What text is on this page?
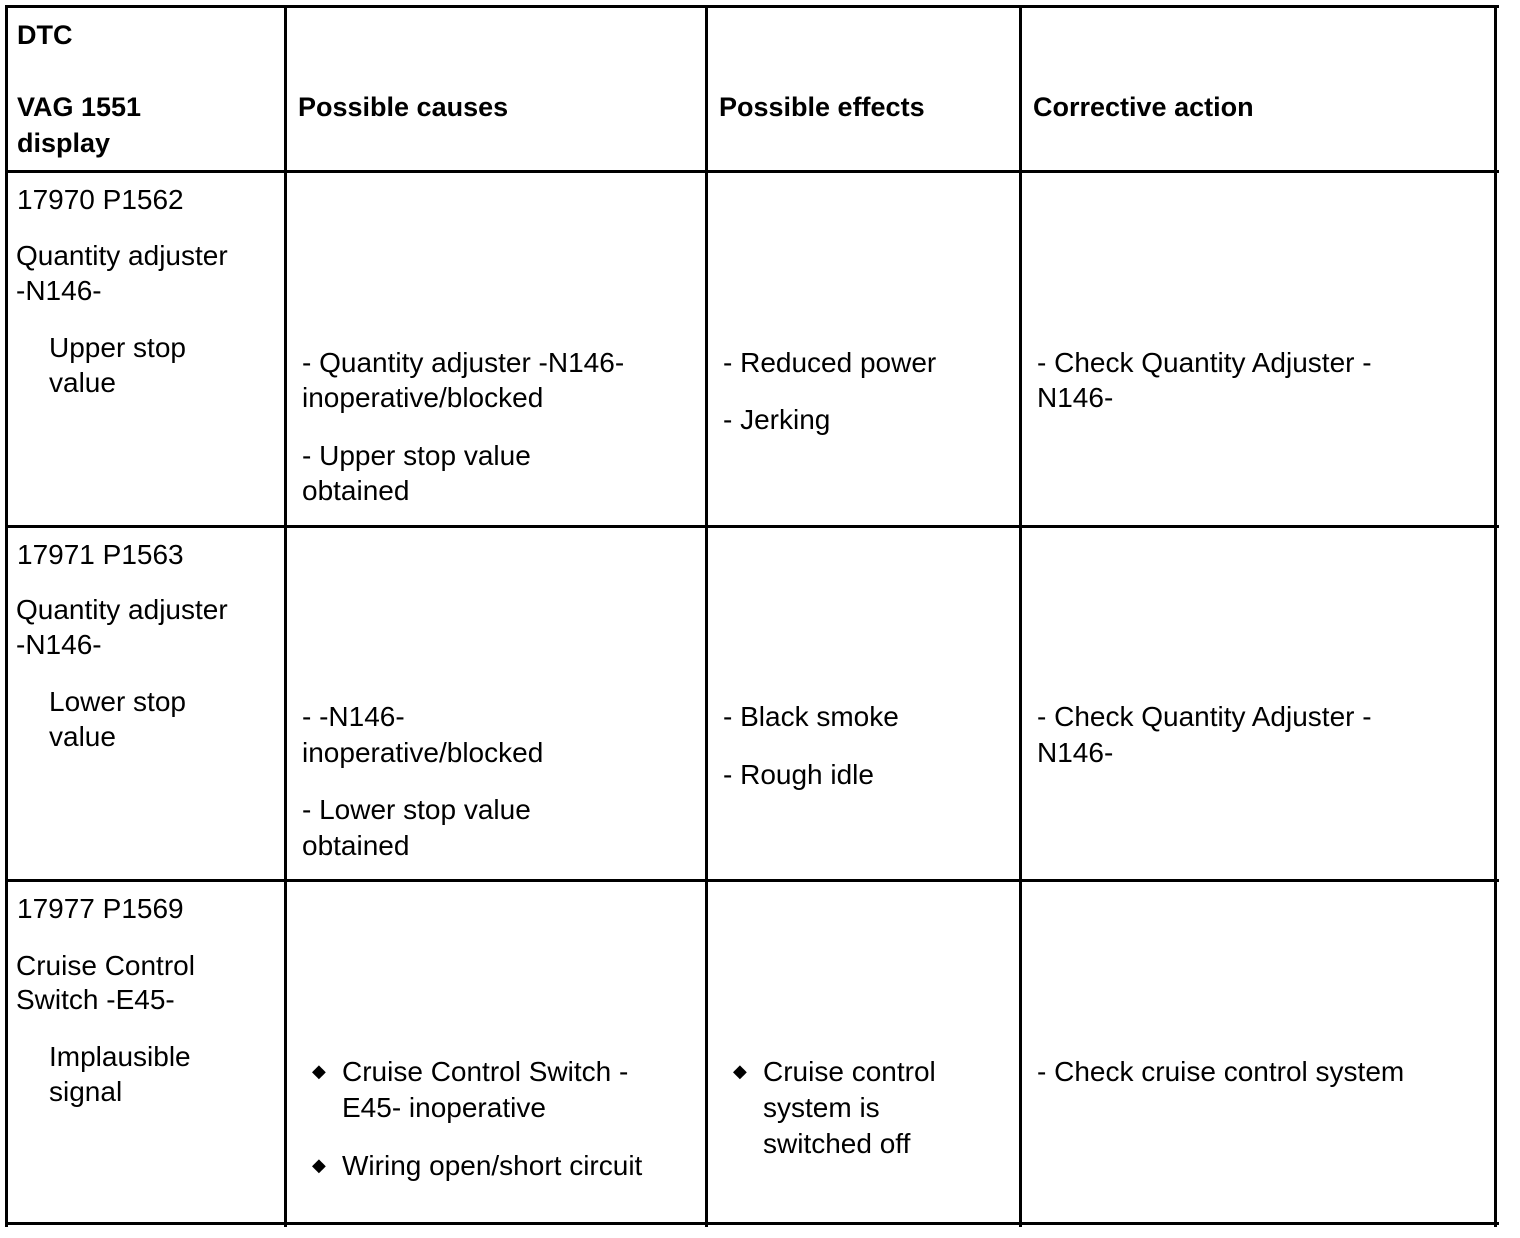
DTC
VAG 1551
display
Possible causes	Possible effects	Corrective action
17970 P1562
Quantity adjuster
-N146-
Upper stop
value
- Quantity adjuster -N146-
inoperative/blocked
- Upper stop value
obtained
- Reduced power
- Jerking
- Check Quantity Adjuster -
N146-
17971 P1563
Quantity adjuster
-N146-
Lower stop
value
- -N146-
inoperative/blocked
- Lower stop value
obtained
- Black smoke
- Rough idle
- Check Quantity Adjuster -
N146-
17977 P1569
Cruise Control
Switch -E45-
Implausible
signal
◆ Cruise Control Switch -
E45- inoperative
◆ Wiring open/short circuit
◆ Cruise control
system is
switched off
- Check cruise control system
